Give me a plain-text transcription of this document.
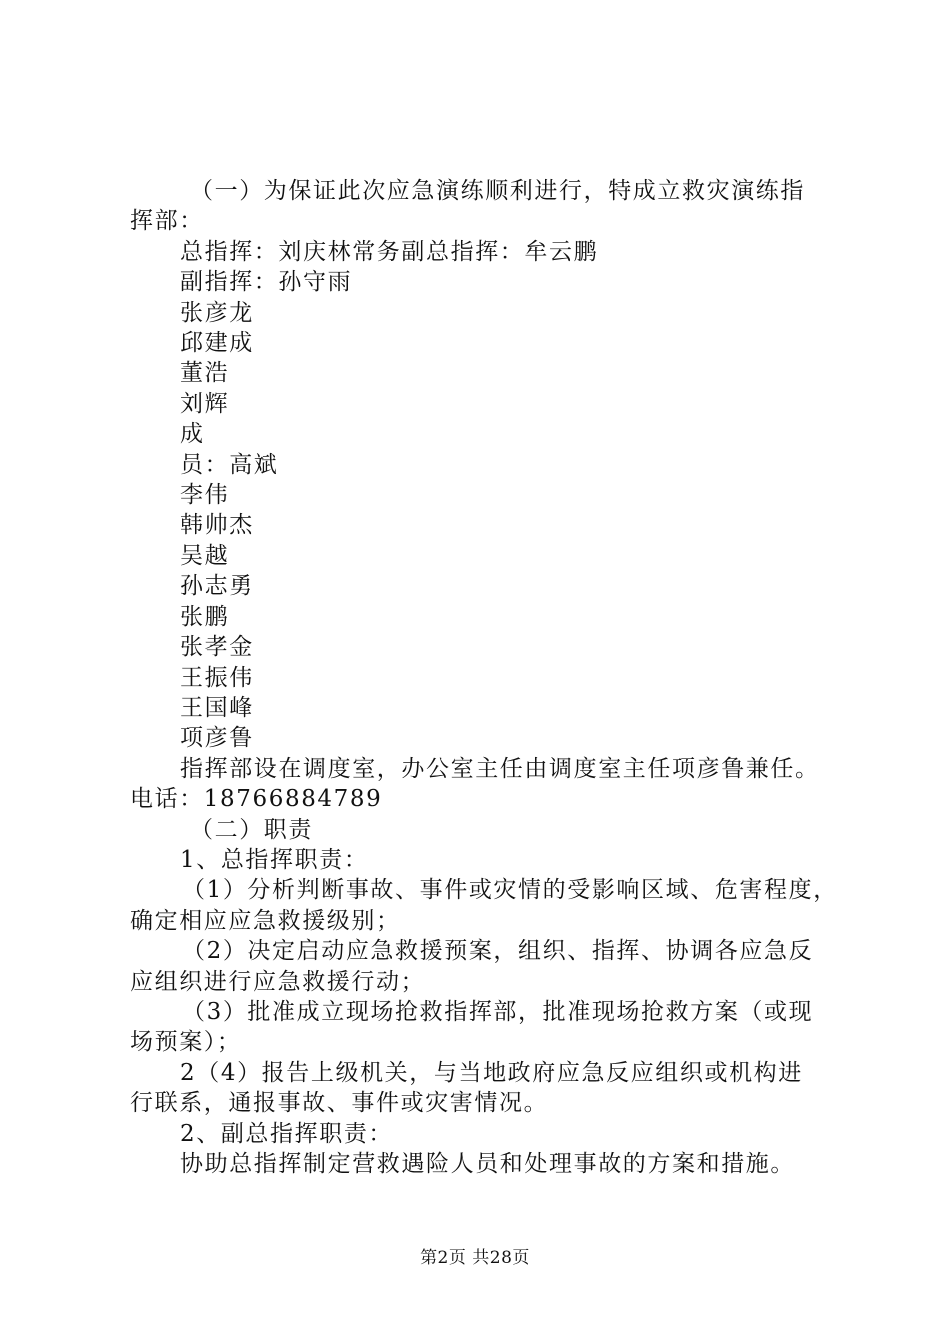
（一）为保证此次应急演练顺利进行，特成立救灾演练指

挥部：

总指挥：刘庆林常务副总指挥：牟云鹏

副指挥：孙守雨

张彦龙

邱建成

董浩

刘辉

成

员：高斌

李伟

韩帅杰

吴越

孙志勇

张鹏

张孝金

王振伟

王国峰

项彦鲁

指挥部设在调度室，办公室主任由调度室主任项彦鲁兼任。

电话：18766884789

（二）职责

1、总指挥职责：

（1）分析判断事故、事件或灾情的受影响区域、危害程度，

确定相应应急救援级别；

（2）决定启动应急救援预案，组织、指挥、协调各应急反

应组织进行应急救援行动；

（3）批准成立现场抢救指挥部，批准现场抢救方案（或现

场预案）；

2（4）报告上级机关，与当地政府应急反应组织或机构进

行联系，通报事故、事件或灾害情况。

2、副总指挥职责：

协助总指挥制定营救遇险人员和处理事故的方案和措施。

第2页 共28页
